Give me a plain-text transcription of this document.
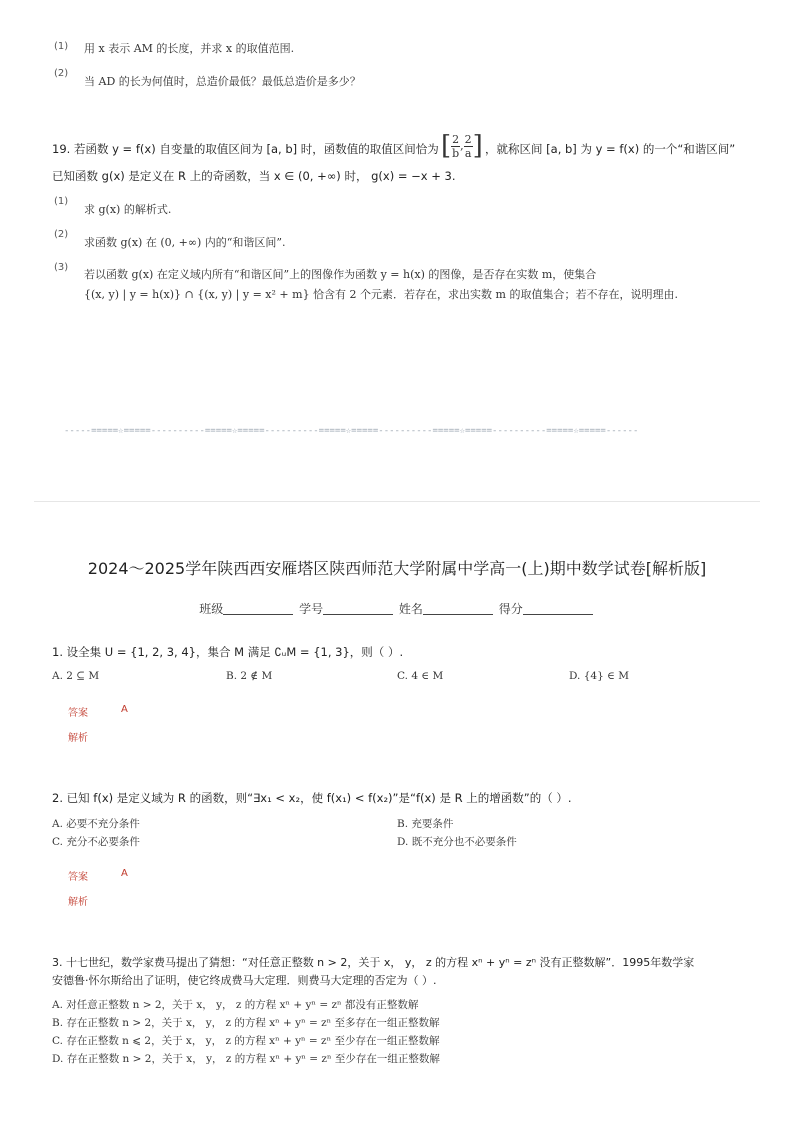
(1) 用 x 表示 AM 的长度，并求 x 的取值范围.
(2)
当 AD 的长为何值时，总造价最低？最低总造价是多少？
19. 若函数 y = f(x) 自变量的取值区间为 [a, b] 时，函数值的取值区间恰为 [ $\frac{2}{b}$ , $\frac{2}{a}$ ] ，就称区间 [a, b] 为 y = f(x) 的一个“和谐区间”
已知函数 g(x) 是定义在 R 上的奇函数，当 x ∈ (0, +∞) 时， g(x) = −x + 3.
(1)
求 g(x) 的解析式.
(2)
求函数 g(x) 在 (0, +∞) 内的“和谐区间”.
(3)
若以函数 g(x) 在定义域内所有“和谐区间”上的图像作为函数 y = h(x) 的图像，是否存在实数 m，使集合
{(x, y) | y = h(x)} ∩ {(x, y) | y = x² + m} 恰含有 2 个元素．若存在，求出实数 m 的取值集合；若不存在，说明理由.
-----=====☆=====----------=====☆=====----------=====☆=====----------=====☆=====----------=====☆=====------
2024～2025学年陕西西安雁塔区陕西师范大学附属中学高一(上)期中数学试卷[解析版]
班级	学号	姓名	得分
1. 设全集 U = {1, 2, 3, 4}，集合 M 满足 ∁ᵤM = {1, 3}，则（ ）.
A. 2 ⊆ M	B. 2 ∉ M	C. 4 ∈ M	D. {4} ∈ M
答案	A
解析
2. 已知 f(x) 是定义域为 R 的函数，则“∃x₁ < x₂，使 f(x₁) < f(x₂)”是“f(x) 是 R 上的增函数”的（ ）.
A. 必要不充分条件	B. 充要条件
C. 充分不必要条件	D. 既不充分也不必要条件
答案	A
解析
3. 十七世纪，数学家费马提出了猜想：“对任意正整数 n > 2，关于 x， y， z 的方程 xⁿ + yⁿ = zⁿ 没有正整数解”．1995年数学家
安德鲁·怀尔斯给出了证明，使它终成费马大定理．则费马大定理的否定为（ ）.
A. 对任意正整数 n > 2，关于 x， y， z 的方程 xⁿ + yⁿ = zⁿ 都没有正整数解
B. 存在正整数 n > 2，关于 x， y， z 的方程 xⁿ + yⁿ = zⁿ 至多存在一组正整数解
C. 存在正整数 n ⩽ 2，关于 x， y， z 的方程 xⁿ + yⁿ = zⁿ 至少存在一组正整数解
D. 存在正整数 n > 2，关于 x， y， z 的方程 xⁿ + yⁿ = zⁿ 至少存在一组正整数解
